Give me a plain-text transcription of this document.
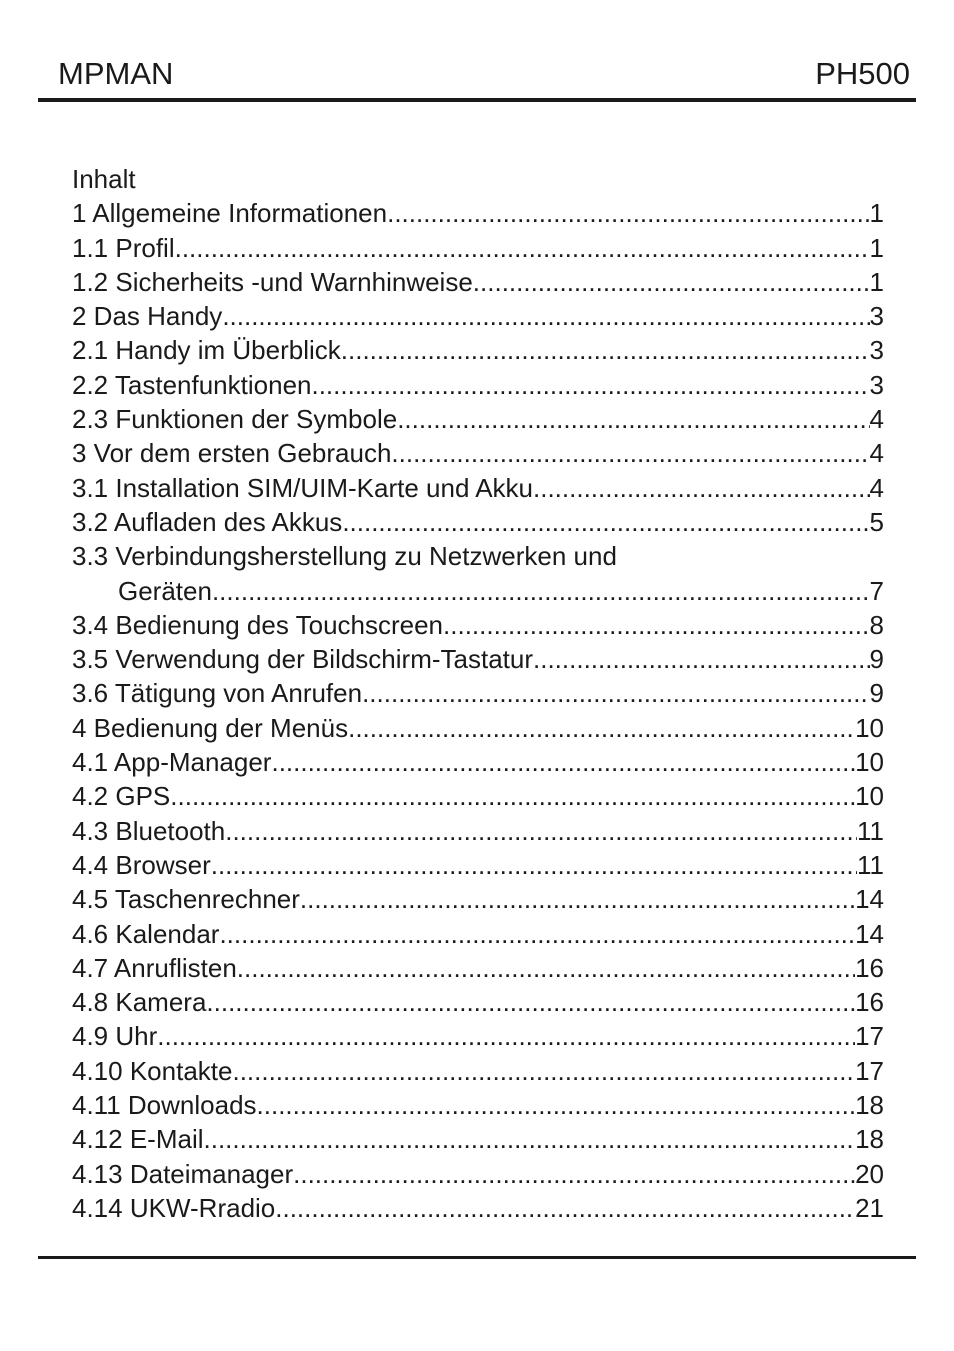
MPMAN	PH500
Inhalt
1 Allgemeine Informationen .....	1
1.1 Profil .....	1
1.2 Sicherheits -und Warnhinweise .....	1
2 Das Handy .....	3
2.1 Handy im Überblick .....	3
2.2 Tastenfunktionen .....	3
2.3 Funktionen der Symbole .....	4
3 Vor dem ersten Gebrauch .....	4
3.1 Installation SIM/UIM-Karte und Akku .....	4
3.2 Aufladen des Akkus .....	5
3.3 Verbindungsherstellung zu Netzwerken und
Geräten .....	7
3.4 Bedienung des Touchscreen .....	8
3.5 Verwendung der Bildschirm-Tastatur .....	9
3.6 Tätigung von Anrufen .....	9
4 Bedienung der Menüs .....	10
4.1 App-Manager .....	10
4.2 GPS .....	10
4.3 Bluetooth .....	11
4.4 Browser .....	11
4.5 Taschenrechner .....	14
4.6 Kalendar .....	14
4.7 Anruflisten .....	16
4.8 Kamera .....	16
4.9 Uhr .....	17
4.10 Kontakte .....	17
4.11 Downloads .....	18
4.12 E-Mail .....	18
4.13 Dateimanager .....	20
4.14 UKW-Rradio .....	21
